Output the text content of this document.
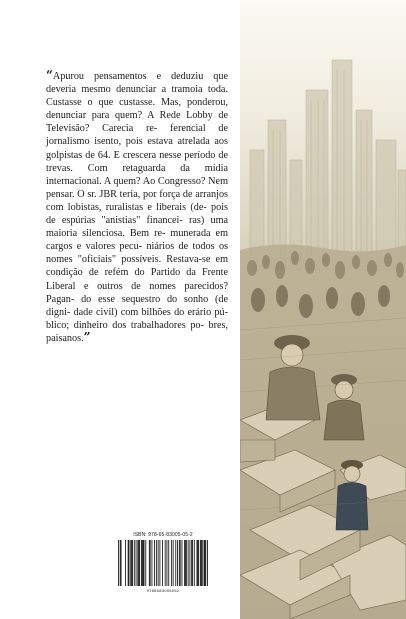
“Apurou pensamentos e deduziu que deveria mesmo denunciar a tramoia toda. Custasse o que custasse. Mas, ponderou, denunciar para quem? A Rede Lobby de Televisão? Carecia re- ferencial de jornalismo isento, pois estava atrelada aos golpistas de 64. E crescera nesse período de trevas. Com retaguarda da mídia internacional. A quem? Ao Congresso? Nem pensar. O sr. JBR teria, por força de arranjos com lobistas, ruralistas e liberais (de- pois de espúrias "anistias" financei- ras) uma maioria silenciosa. Bem re- munerada em cargos e valores pecu- niários de todos os nomes "oficiais" possíveis. Restava-se em condição de refém do Partido da Frente Liberal e outros de nomes parecidos? Pagan- do esse sequestro do sonho (de digni- dade civil) com bilhões do erário pú- blico; dinheiro dos trabalhadores po- bres, paisanos.”

ISBN: 978-65-83005-05-2
9786583005052
